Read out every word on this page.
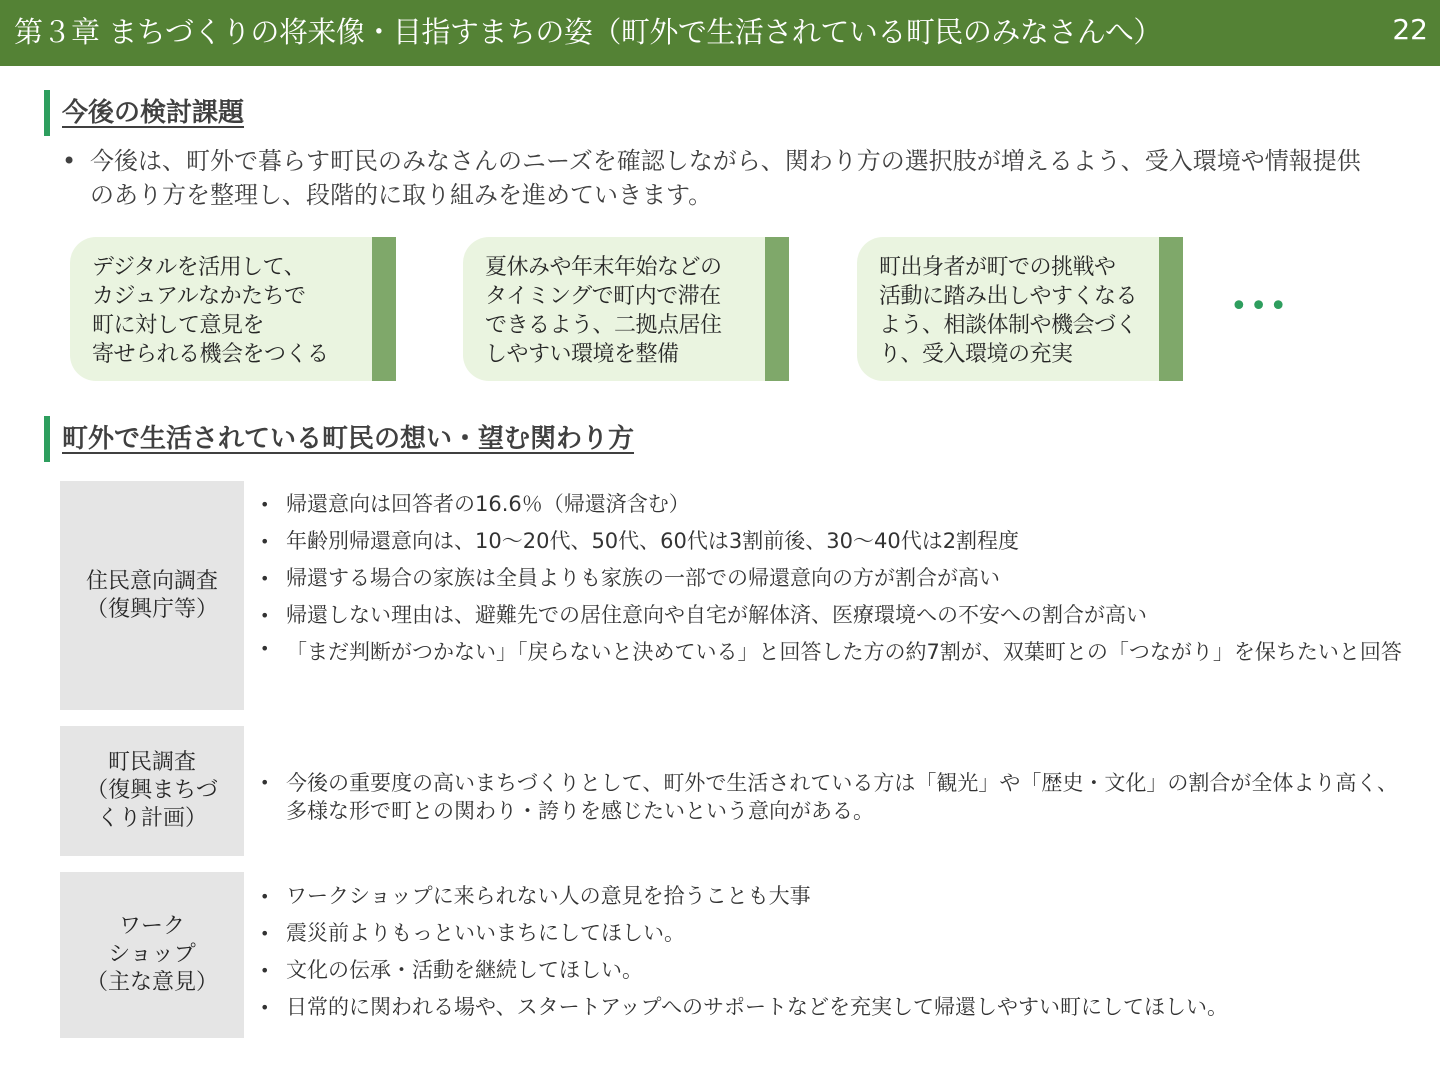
第３章 まちづくりの将来像・目指すまちの姿（町外で生活されている町民のみなさんへ）	22
今後の検討課題
• 今後は、町外で暮らす町民のみなさんのニーズを確認しながら、関わり方の選択肢が増えるよう、受入環境や情報提供のあり方を整理し、段階的に取り組みを進めていきます。
デジタルを活用して、
カジュアルなかたちで
町に対して意見を
寄せられる機会をつくる
夏休みや年末年始などの
タイミングで町内で滞在
できるよう、二拠点居住
しやすい環境を整備
町出身者が町での挑戦や
活動に踏み出しやすくなる
よう、相談体制や機会づく
り、受入環境の充実
•••
町外で生活されている町民の想い・望む関わり方
住民意向調査
（復興庁等）
• 帰還意向は回答者の16.6％（帰還済含む）
• 年齢別帰還意向は、10～20代、50代、60代は3割前後、30～40代は2割程度
• 帰還する場合の家族は全員よりも家族の一部での帰還意向の方が割合が高い
• 帰還しない理由は、避難先での居住意向や自宅が解体済、医療環境への不安への割合が高い
• 「まだ判断がつかない」「戻らないと決めている」と回答した方の約7割が、双葉町との「つながり」を保ちたいと回答
町民調査
（復興まちづ
くり計画）
• 今後の重要度の高いまちづくりとして、町外で生活されている方は「観光」や「歴史・文化」の割合が全体より高く、多様な形で町との関わり・誇りを感じたいという意向がある。
ワーク
ショップ
（主な意見）
• ワークショップに来られない人の意見を拾うことも大事
• 震災前よりもっといいまちにしてほしい。
• 文化の伝承・活動を継続してほしい。
• 日常的に関われる場や、スタートアップへのサポートなどを充実して帰還しやすい町にしてほしい。
